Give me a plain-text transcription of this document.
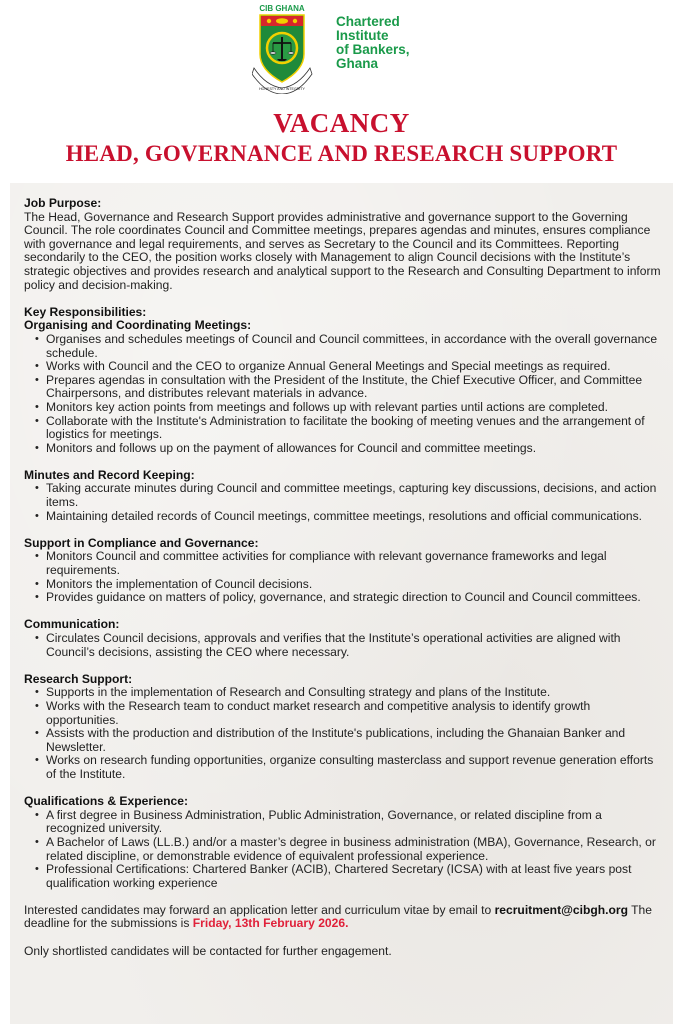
CIB GHANA
HONESTY AND INTEGRITY
Chartered
Institute
of Bankers,
Ghana
VACANCY
HEAD, GOVERNANCE AND RESEARCH SUPPORT

Job Purpose:

The Head, Governance and Research Support provides administrative and governance support to the Governing Council. The role coordinates Council and Committee meetings, prepares agendas and minutes, ensures compliance with governance and legal requirements, and serves as Secretary to the Council and its Committees. Reporting secondarily to the CEO, the position works closely with Management to align Council decisions with the Institute’s strategic objectives and provides research and analytical support to the Research and Consulting Department to inform policy and decision-making.

Key Responsibilities:

Organising and Coordinating Meetings:

• Organises and schedules meetings of Council and Council committees, in accordance with the overall governance schedule.
• Works with Council and the CEO to organize Annual General Meetings and Special meetings as required.
• Prepares agendas in consultation with the President of the Institute, the Chief Executive Officer, and Committee Chairpersons, and distributes relevant materials in advance.
• Monitors key action points from meetings and follows up with relevant parties until actions are completed.
• Collaborate with the Institute's Administration to facilitate the booking of meeting venues and the arrangement of logistics for meetings.
• Monitors and follows up on the payment of allowances for Council and committee meetings.

Minutes and Record Keeping:

• Taking accurate minutes during Council and committee meetings, capturing key discussions, decisions, and action items.
• Maintaining detailed records of Council meetings, committee meetings, resolutions and official communications.

Support in Compliance and Governance:

• Monitors Council and committee activities for compliance with relevant governance frameworks and legal requirements.
• Monitors the implementation of Council decisions.
• Provides guidance on matters of policy, governance, and strategic direction to Council and Council committees.

Communication:

• Circulates Council decisions, approvals and verifies that the Institute’s operational activities are aligned with Council’s decisions, assisting the CEO where necessary.

Research Support:

• Supports in the implementation of Research and Consulting strategy and plans of the Institute.
• Works with the Research team to conduct market research and competitive analysis to identify growth opportunities.
• Assists with the production and distribution of the Institute's publications, including the Ghanaian Banker and Newsletter.
• Works on research funding opportunities, organize consulting masterclass and support revenue generation efforts of the Institute.

Qualifications & Experience:

• A first degree in Business Administration, Public Administration, Governance, or related discipline from a recognized university.
• A Bachelor of Laws (LL.B.) and/or a master’s degree in business administration (MBA), Governance, Research, or related discipline, or demonstrable evidence of equivalent professional experience.
• Professional Certifications: Chartered Banker (ACIB), Chartered Secretary (ICSA) with at least five years post qualification working experience

Interested candidates may forward an application letter and curriculum vitae by email to recruitment@cibgh.org The deadline for the submissions is Friday, 13th February 2026.

Only shortlisted candidates will be contacted for further engagement.
